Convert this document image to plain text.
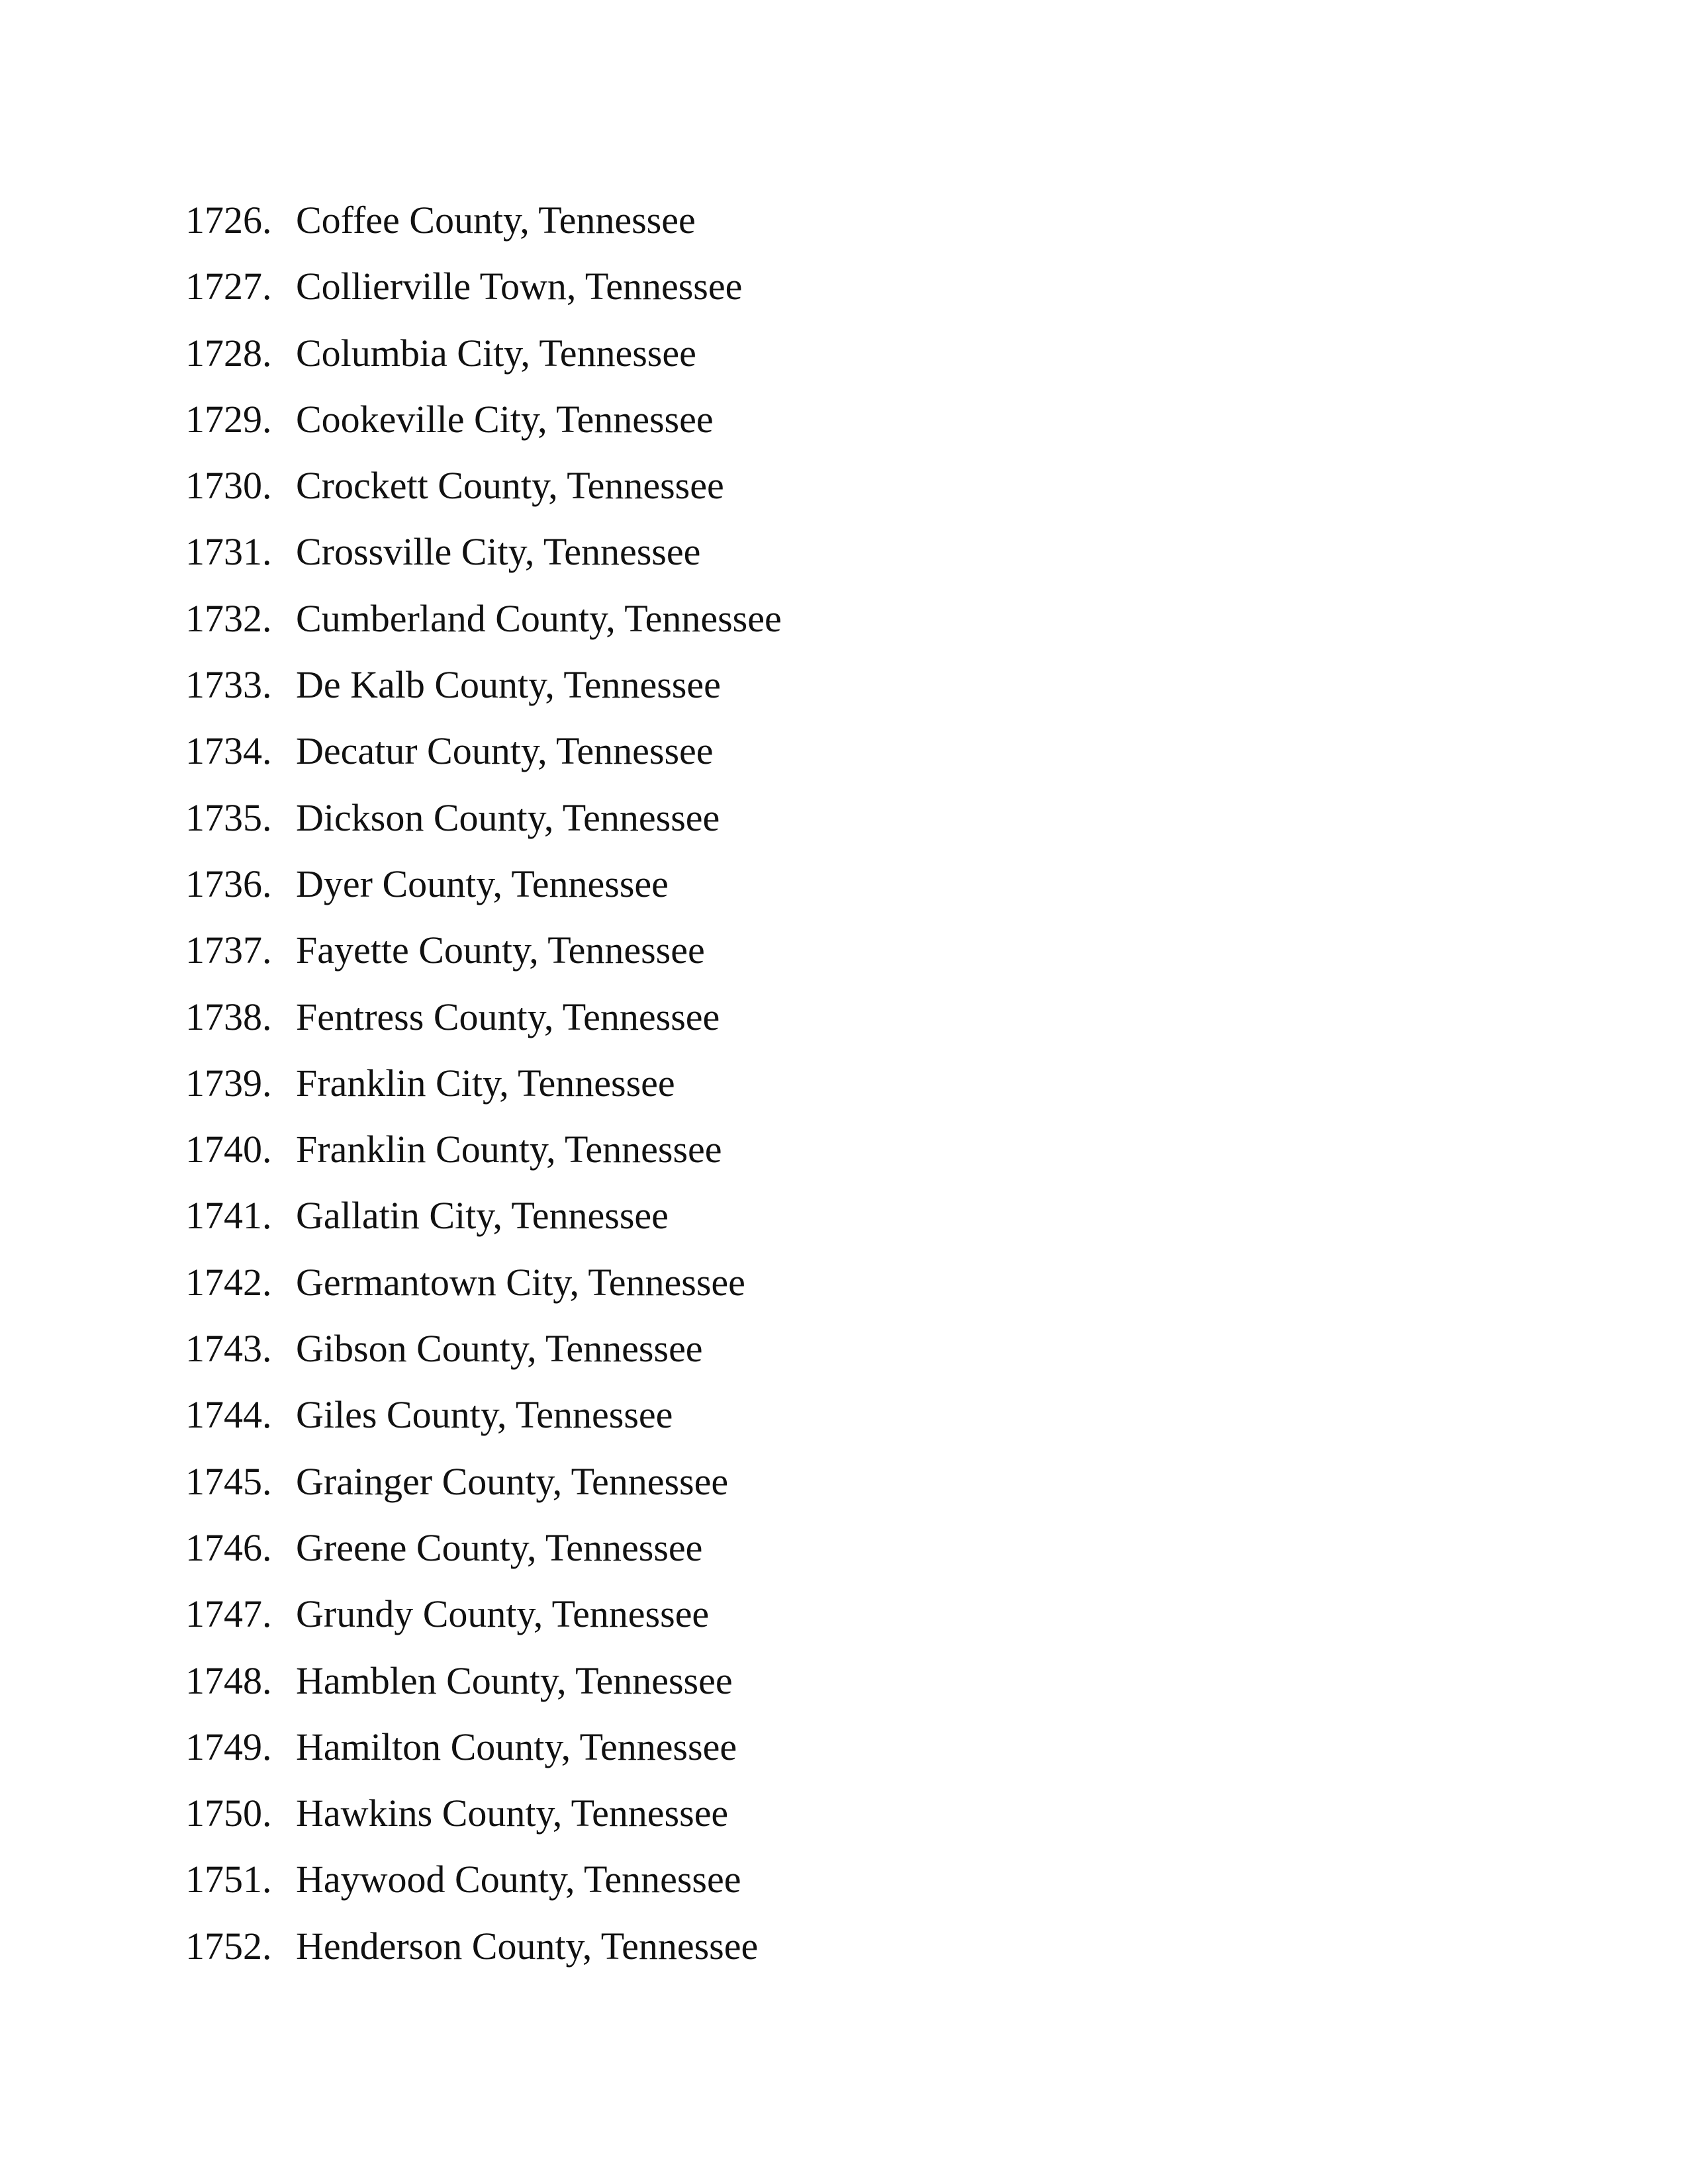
1726. Coffee County, Tennessee
1727. Collierville Town, Tennessee
1728. Columbia City, Tennessee
1729. Cookeville City, Tennessee
1730. Crockett County, Tennessee
1731. Crossville City, Tennessee
1732. Cumberland County, Tennessee
1733. De Kalb County, Tennessee
1734. Decatur County, Tennessee
1735. Dickson County, Tennessee
1736. Dyer County, Tennessee
1737. Fayette County, Tennessee
1738. Fentress County, Tennessee
1739. Franklin City, Tennessee
1740. Franklin County, Tennessee
1741. Gallatin City, Tennessee
1742. Germantown City, Tennessee
1743. Gibson County, Tennessee
1744. Giles County, Tennessee
1745. Grainger County, Tennessee
1746. Greene County, Tennessee
1747. Grundy County, Tennessee
1748. Hamblen County, Tennessee
1749. Hamilton County, Tennessee
1750. Hawkins County, Tennessee
1751. Haywood County, Tennessee
1752. Henderson County, Tennessee
